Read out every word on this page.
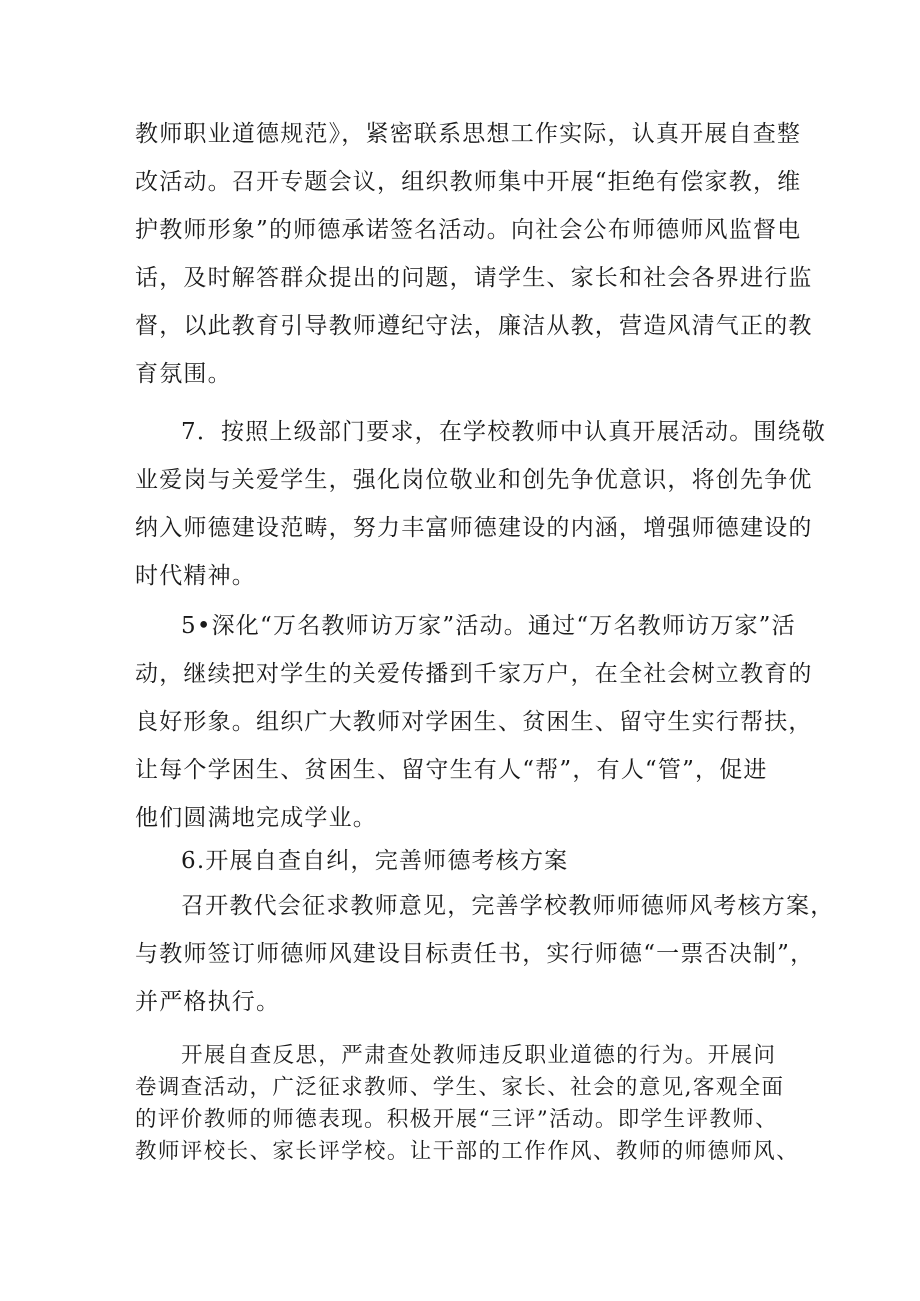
教师职业道德规范》，紧密联系思想工作实际，认真开展自查整
改活动。召开专题会议，组织教师集中开展“拒绝有偿家教，维
护教师形象”的师德承诺签名活动。向社会公布师德师风监督电
话，及时解答群众提出的问题，请学生、家长和社会各界进行监
督，以此教育引导教师遵纪守法，廉洁从教，营造风清气正的教
育氛围。
7．按照上级部门要求，在学校教师中认真开展活动。围绕敬
业爱岗与关爱学生，强化岗位敬业和创先争优意识，将创先争优
纳入师德建设范畴，努力丰富师德建设的内涵，增强师德建设的
时代精神。
5•深化“万名教师访万家”活动。通过“万名教师访万家”活
动，继续把对学生的关爱传播到千家万户，在全社会树立教育的
良好形象。组织广大教师对学困生、贫困生、留守生实行帮扶，
让每个学困生、贫困生、留守生有人“帮”，有人“管”，促进
他们圆满地完成学业。
6.开展自查自纠，完善师德考核方案
召开教代会征求教师意见，完善学校教师师德师风考核方案，
与教师签订师德师风建设目标责任书，实行师德“一票否决制”，
并严格执行。
开展自查反思，严肃查处教师违反职业道德的行为。开展问
卷调查活动，广泛征求教师、学生、家长、社会的意见,客观全面
的评价教师的师德表现。积极开展“三评”活动。即学生评教师、
教师评校长、家长评学校。让干部的工作作风、教师的师德师风、
